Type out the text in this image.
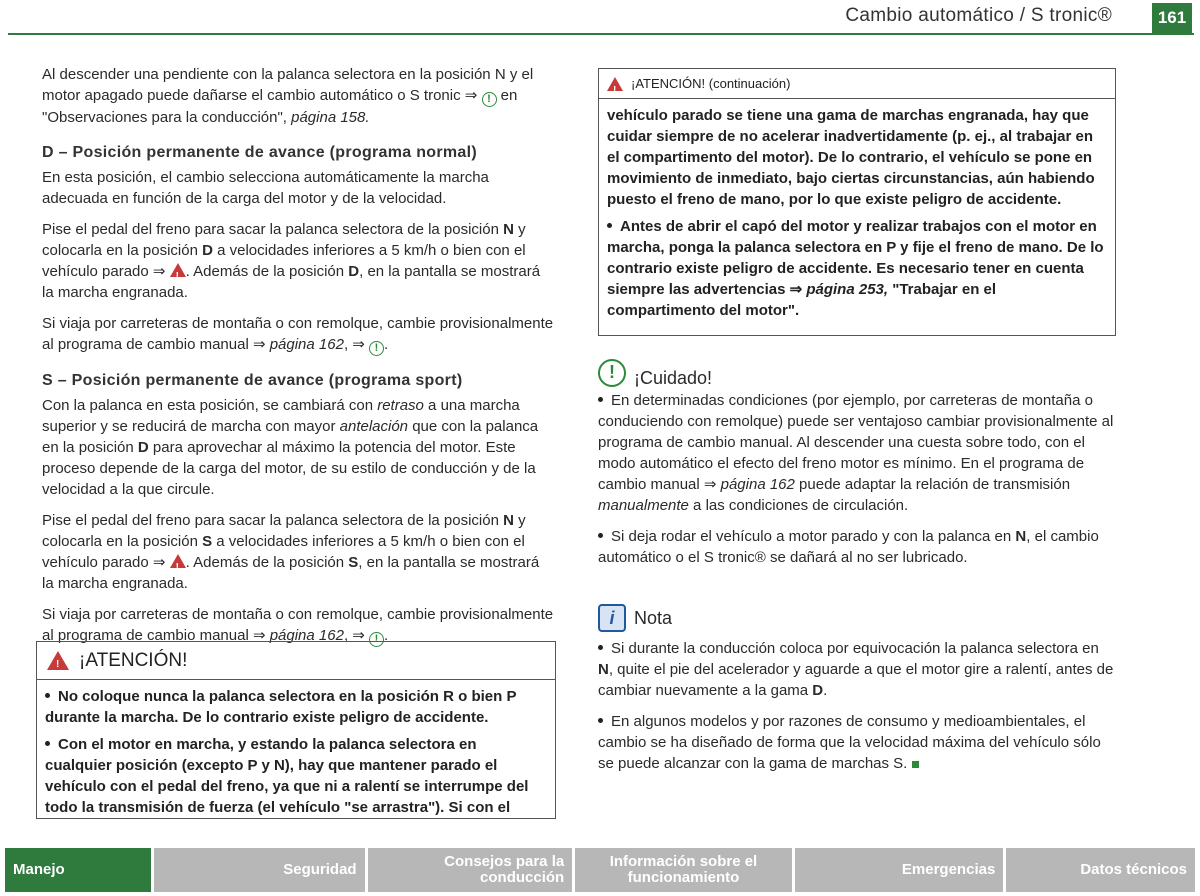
Cambio automático / S tronic®	161

Al descender una pendiente con la palanca selectora en la posición N y el motor apagado puede dañarse el cambio automático o S tronic ⇒ ! en "Observaciones para la conducción", página 158.

D – Posición permanente de avance (programa normal)

En esta posición, el cambio selecciona automáticamente la marcha adecuada en función de la carga del motor y de la velocidad.

Pise el pedal del freno para sacar la palanca selectora de la posición N y colocarla en la posición D a velocidades inferiores a 5 km/h o bien con el vehículo parado ⇒ !. Además de la posición D, en la pantalla se mostrará la marcha engranada.

Si viaja por carreteras de montaña o con remolque, cambie provisionalmente al programa de cambio manual ⇒ página 162, ⇒ ! .

S – Posición permanente de avance (programa sport)

Con la palanca en esta posición, se cambiará con retraso a una marcha superior y se reducirá de marcha con mayor antelación que con la palanca en la posición D para aprovechar al máximo la potencia del motor. Este proceso depende de la carga del motor, de su estilo de conducción y de la velocidad a la que circule.

Pise el pedal del freno para sacar la palanca selectora de la posición N y colocarla en la posición S a velocidades inferiores a 5 km/h o bien con el vehículo parado ⇒ !. Además de la posición S, en la pantalla se mostrará la marcha engranada.

Si viaja por carreteras de montaña o con remolque, cambie provisionalmente al programa de cambio manual ⇒ página 162, ⇒ ! .

!
¡ATENCIÓN!

No coloque nunca la palanca selectora en la posición R o bien P durante la marcha. De lo contrario existe peligro de accidente.

Con el motor en marcha, y estando la palanca selectora en cualquier posición (excepto P y N), hay que mantener parado el vehículo con el pedal del freno, ya que ni a ralentí se interrumpe del todo la transmisión de fuerza (el vehículo "se arrastra"). Si con el

!
¡ATENCIÓN! (continuación)

vehículo parado se tiene una gama de marchas engranada, hay que cuidar siempre de no acelerar inadvertidamente (p. ej., al trabajar en el compartimento del motor). De lo contrario, el vehículo se pone en movimiento de inmediato, bajo ciertas circunstancias, aún habiendo puesto el freno de mano, por lo que existe peligro de accidente.

Antes de abrir el capó del motor y realizar trabajos con el motor en marcha, ponga la palanca selectora en P y fije el freno de mano. De lo contrario existe peligro de accidente. Es necesario tener en cuenta siempre las advertencias ⇒ página 253, "Trabajar en el compartimento del motor".

!	¡Cuidado!

En determinadas condiciones (por ejemplo, por carreteras de montaña o conduciendo con remolque) puede ser ventajoso cambiar provisionalmente al programa de cambio manual. Al descender una cuesta sobre todo, con el modo automático el efecto del freno motor es mínimo. En el programa de cambio manual ⇒ página 162 puede adaptar la relación de transmisión manualmente a las condiciones de circulación.

Si deja rodar el vehículo a motor parado y con la palanca en N, el cambio automático o el S tronic® se dañará al no ser lubricado.

i	Nota

Si durante la conducción coloca por equivocación la palanca selectora en N, quite el pie del acelerador y aguarde a que el motor gire a ralentí, antes de cambiar nuevamente a la gama D.

En algunos modelos y por razones de consumo y medioambientales, el cambio se ha diseñado de forma que la velocidad máxima del vehículo sólo se puede alcanzar con la gama de marchas S.

Manejo	Seguridad	Consejos para la conducción
Información sobre el funcionamiento	Emergencias	Datos técnicos
